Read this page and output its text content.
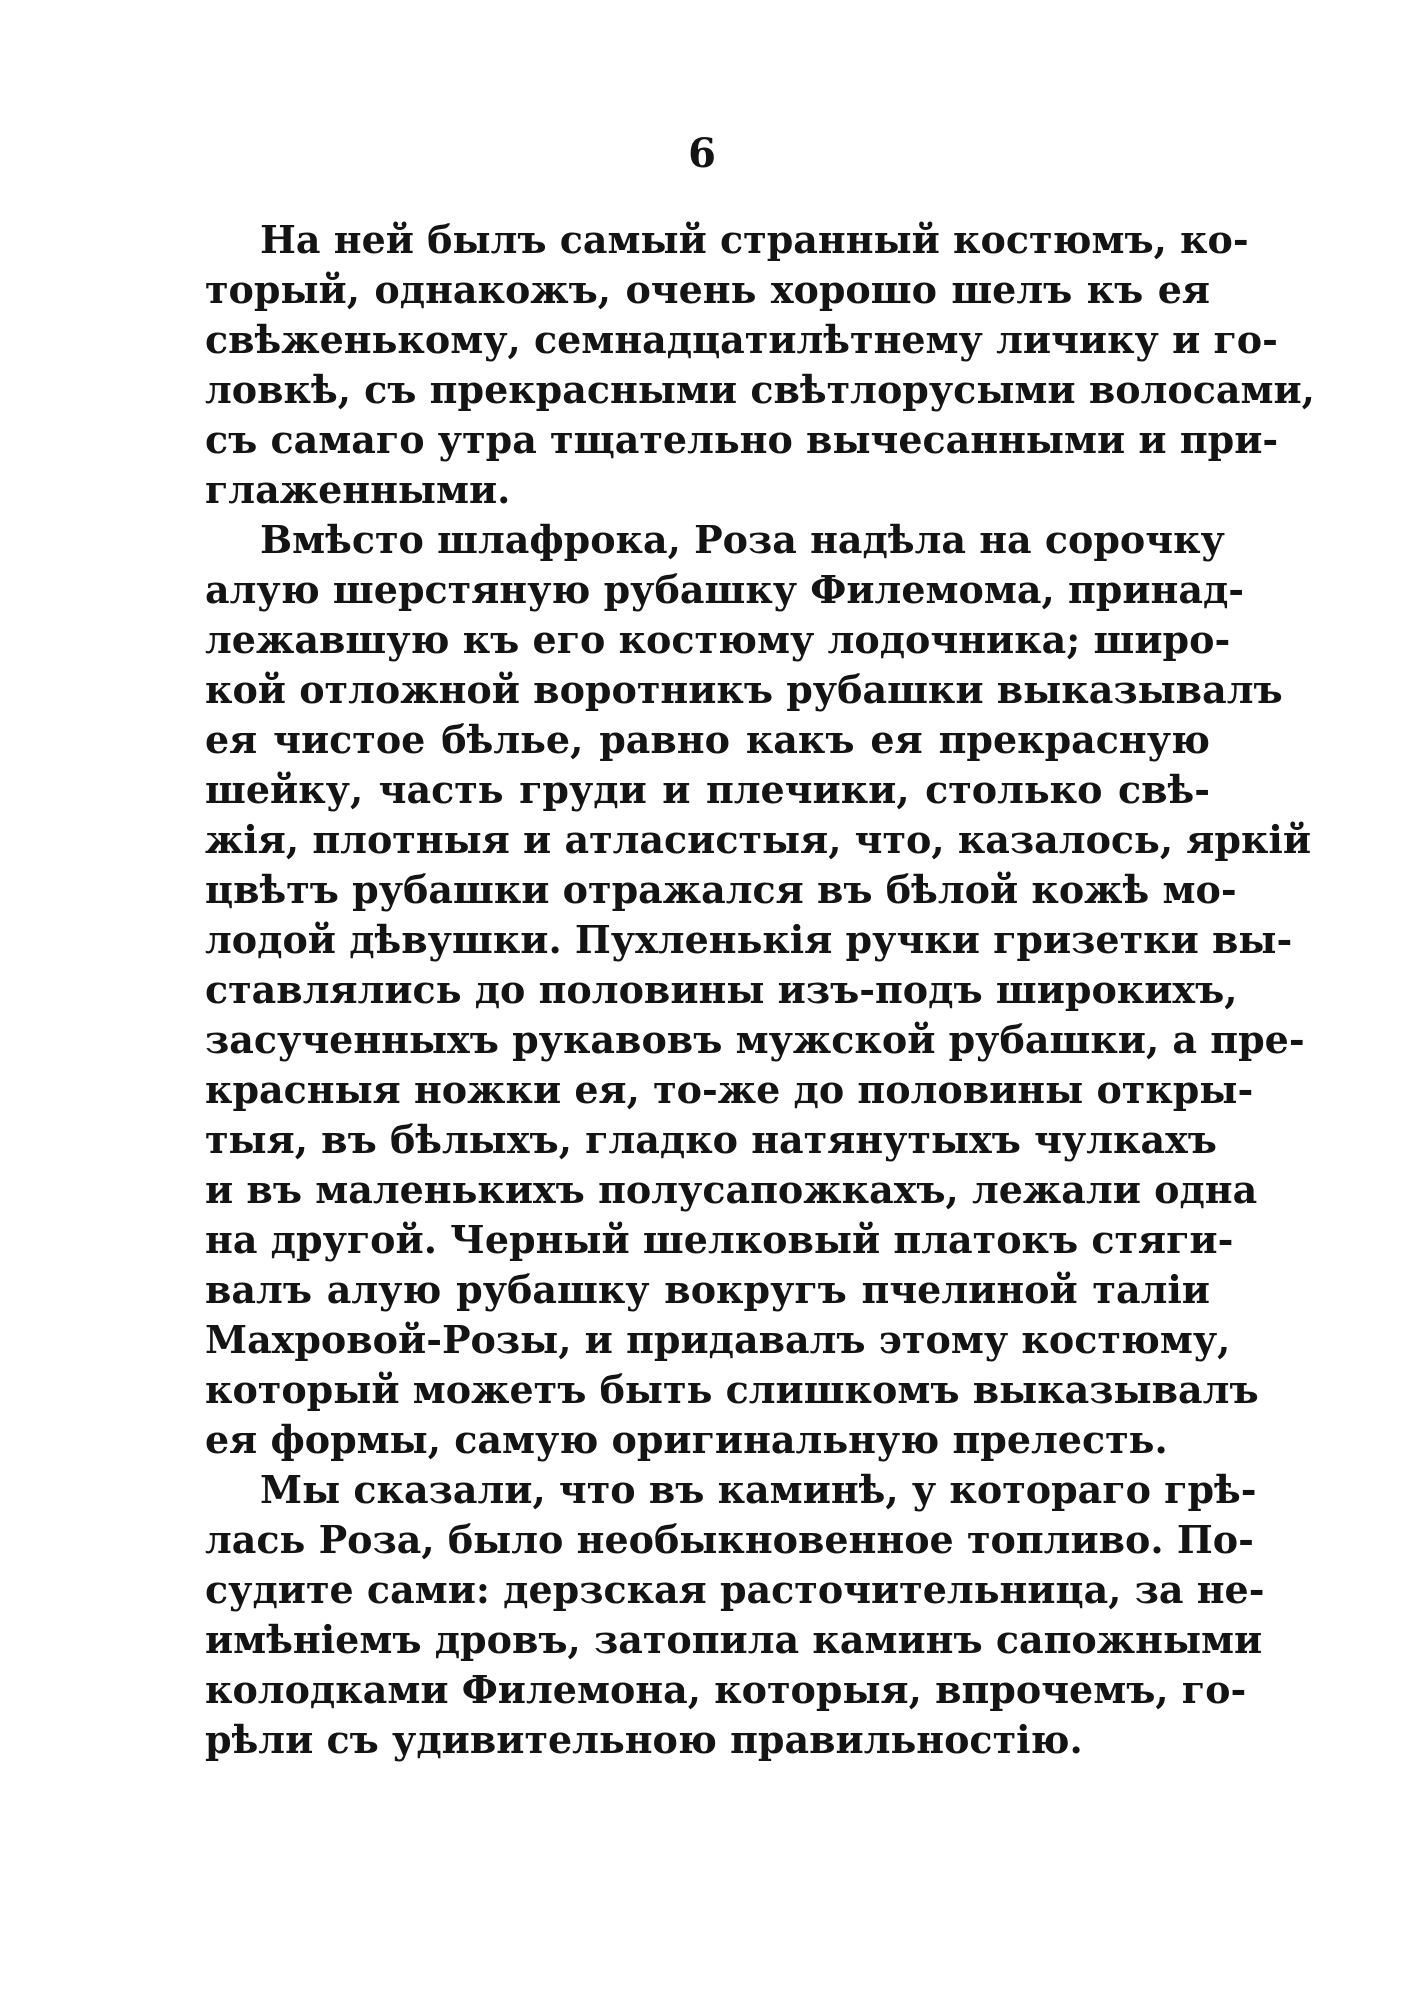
6
На ней былъ самый странный костюмъ, ко-
торый, однакожъ, очень хорошо шелъ къ ея
свѣженькому, семнадцатилѣтнему личику и го-
ловкѣ, съ прекрасными свѣтлорусыми волосами,
съ самаго утра тщательно вычесанными и при-
глаженными.
Вмѣсто шлафрока, Роза надѣла на сорочку
алую шерстяную рубашку Филемома, принад-
лежавшую къ его костюму лодочника; широ-
кой отложной воротникъ рубашки выказывалъ
ея чистое бѣлье, равно какъ ея прекрасную
шейку, часть груди и плечики, столько свѣ-
жія, плотныя и атласистыя, что, казалось, яркій
цвѣтъ рубашки отражался въ бѣлой кожѣ мо-
лодой дѣвушки. Пухленькія ручки гризетки вы-
ставлялись до половины изъ-подъ широкихъ,
засученныхъ рукавовъ мужской рубашки, а пре-
красныя ножки ея, то-же до половины откры-
тыя, въ бѣлыхъ, гладко натянутыхъ чулкахъ
и въ маленькихъ полусапожкахъ, лежали одна
на другой. Черный шелковый платокъ стяги-
валъ алую рубашку вокругъ пчелиной таліи
Махровой-Розы, и придавалъ этому костюму,
который можетъ быть слишкомъ выказывалъ
ея формы, самую оригинальную прелесть.
Мы сказали, что въ каминѣ, у котораго грѣ-
лась Роза, было необыкновенное топливо. По-
судите сами: дерзская расточительница, за не-
имѣніемъ дровъ, затопила каминъ сапожными
колодками Филемона, которыя, впрочемъ, го-
рѣли съ удивительною правильностію.
